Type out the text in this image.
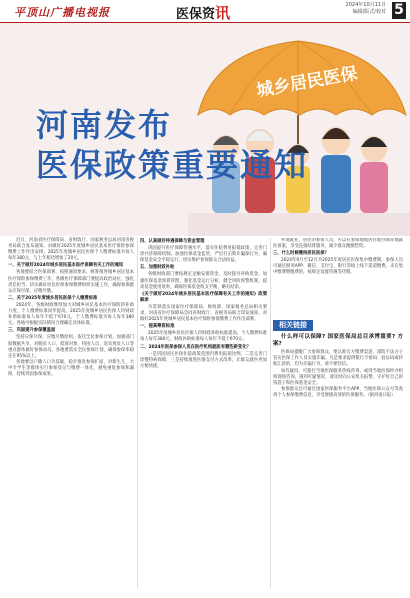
平顶山广播电视报	医保资讯	2024年10月11日
编辑/版式/校对 5
城乡居民医保
河南发布
医保政策重要通知

近日，河南省医疗保障局、省财政厅、国家税务总局河南省税务局联合发布通知，对做好2025年度城乡居民基本医疗保险参保缴费工作作出安排。2025年度城乡居民医保个人缴费标准为每人每年380元，与上年相比增加了20元。

一、关于做好2024年城乡居民基本医疗保障有关工作的通知

各地要结合医保部署，按照通知要求，统筹推进城乡居民基本医疗保险参保缴费工作。各级医疗保障部门要提高政治站位，强化责任担当，切实做好居民医保参保缴费组织实施工作，确保参保群众应保尽保、应缴尽缴。

二、关于2025年度城乡居民医保个人缴费标准

2024年，各级财政继续加大对城乡居民基本医疗保险的补助力度，个人缴费标准同步提高。2025年度城乡居民医保人均财政补助标准每人每年不低于670元，个人缴费标准为每人每年380元。各地可根据实际情况合理确定具体标准。

三、巩固提升参保覆盖面

坚持应保尽保、应缴尽缴原则，依托全民参保计划，加强部门间数据共享，对脱贫人口、低保对象、特困人员、返贫致贫人口等重点群体做好参保动员。各地要落实全民参保计划，确保参保率稳定在95%以上。

各地要以户籍人口为基础，稳步推进参保扩面，对新生儿、大中专学生等群体实行参保登记与缴费一体化，避免重复参保和漏保，持续巩固参保成果。

四、认真做好待遇保障与资金管理

巩固提升医疗保障待遇水平，落实住院费用报销政策，完善门诊共济保障机制。加强医保基金监管，严厉打击欺诈骗保行为，确保基金安全平稳运行，切实维护参保群众合法权益。

五、加强财政补助

各级财政部门要按规定足额安排资金，及时拨付补助资金。加强医保基金预算管理，强化基金运行分析，健全风险预警机制，提高基金使用效率，确保医保基金收支平衡、略有结余。

《关于做好2024年城乡居民基本医疗保障有关工作的通知》政策解读

为贯彻落实国家医疗保障局、财政部、国家税务总局相关要求，河南省医疗保障局会同省财政厅、省税务局联合印发通知，对做好2025年度城乡居民基本医疗保险参保缴费工作作出部署。

一、提高筹资标准

2025年度城乡居民医保人均财政补助标准提高，个人缴费标准每人每年380元，财政补助标准每人每年不低于670元。

二、2024年医保参保人员在医疗机构就医有哪些新变化？

一是巩固居民医保住院政策范围内费用报销比例，二是完善门诊慢特病保障，三是持续推进医保支付方式改革，让群众就医更加方便快捷。

外地就业、居住的参保人员，可以在参保地或居住地办理异地就医备案，享受直接结算服务，减少群众跑腿垫资。

三、什么时候缴纳居民医保？

2024年9月至12月为2025年度居民医保集中缴费期，参保人员可通过税务APP、微信、支付宝、银行等线上线下渠道缴费。未在集中缴费期缴费的，按规定设置待遇等待期。

相关链接

什么样可以保障? 国家医保局总目承博重要? 方案?

医保局提醒广大参保群众，要认准官方缴费渠道，谨防不法分子冒充医保工作人员实施诈骗。凡是要求提供银行卡密码、验证码或转账汇款的，均为诈骗行为，请不要轻信。

如有疑问，可拨打当地医保服务热线咨询，或到当地医保经办机构现场咨询。遇到可疑情况，请及时向公安机关报警，守护好自己的钱袋子和医保基金安全。

参保群众还可通过国家医保服务平台APP、当地医保公众号等查询个人参保缴费信息，享受便捷高效的医保服务。（据河南日报）
